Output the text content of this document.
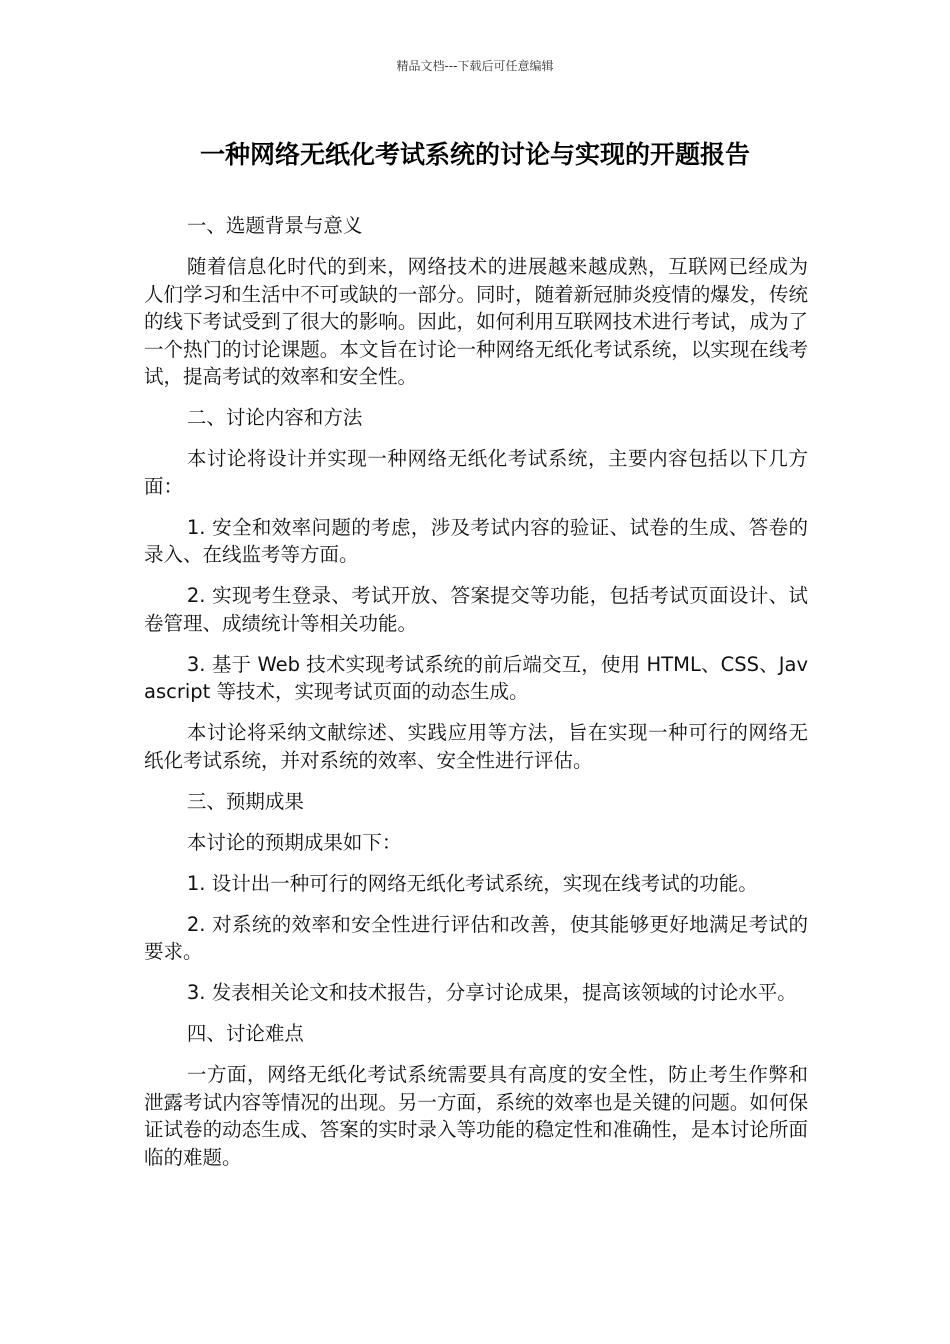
精品文档---下载后可任意编辑
一种网络无纸化考试系统的讨论与实现的开题报告

一、选题背景与意义

随着信息化时代的到来，网络技术的进展越来越成熟，互联网已经成为人们学习和生活中不可或缺的一部分。同时，随着新冠肺炎疫情的爆发，传统的线下考试受到了很大的影响。因此，如何利用互联网技术进行考试，成为了一个热门的讨论课题。本文旨在讨论一种网络无纸化考试系统，以实现在线考试，提高考试的效率和安全性。

二、讨论内容和方法

本讨论将设计并实现一种网络无纸化考试系统，主要内容包括以下几方面：

1. 安全和效率问题的考虑，涉及考试内容的验证、试卷的生成、答卷的录入、在线监考等方面。

2. 实现考生登录、考试开放、答案提交等功能，包括考试页面设计、试卷管理、成绩统计等相关功能。

3. 基于 Web 技术实现考试系统的前后端交互，使用 HTML、CSS、Javascript 等技术，实现考试页面的动态生成。

本讨论将采纳文献综述、实践应用等方法，旨在实现一种可行的网络无纸化考试系统，并对系统的效率、安全性进行评估。

三、预期成果

本讨论的预期成果如下：

1. 设计出一种可行的网络无纸化考试系统，实现在线考试的功能。

2. 对系统的效率和安全性进行评估和改善，使其能够更好地满足考试的要求。

3. 发表相关论文和技术报告，分享讨论成果，提高该领域的讨论水平。

四、讨论难点

一方面，网络无纸化考试系统需要具有高度的安全性，防止考生作弊和泄露考试内容等情况的出现。另一方面，系统的效率也是关键的问题。如何保证试卷的动态生成、答案的实时录入等功能的稳定性和准确性，是本讨论所面临的难题。
